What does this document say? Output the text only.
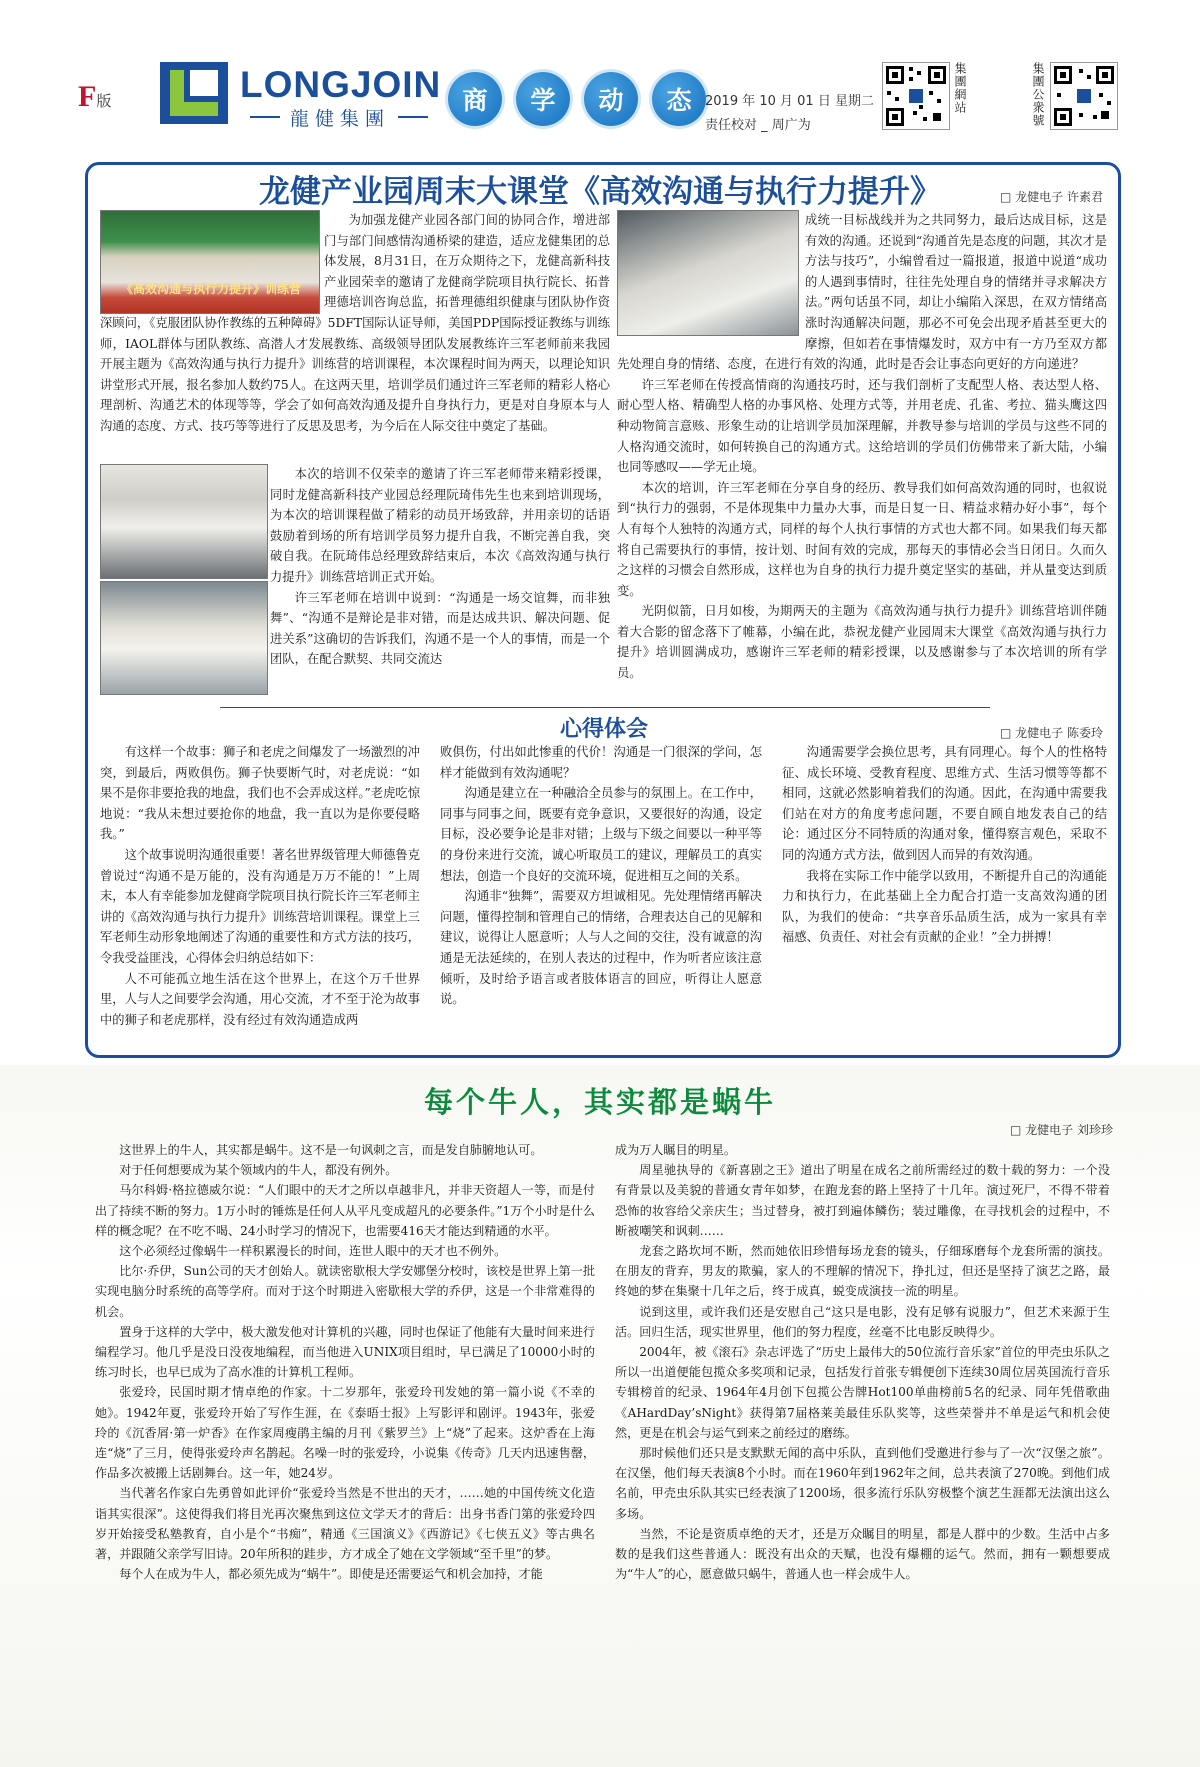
F版	LONGJOIN
龍健集團
商	学	动	态	2019 年 10 月 01 日 星期二
责任校对 _ 周广为
集團網站	集團公衆號
龙健产业园周末大课堂《高效沟通与执行力提升》	□ 龙健电子 许素君
《高效沟通与执行力提升》训练营

为加强龙健产业园各部门间的协同合作，增进部门与部门间感情沟通桥梁的建造，适应龙健集团的总体发展，8月31日，在万众期待之下，龙健高新科技产业园荣幸的邀请了龙健商学院项目执行院长、拓普理德培训咨询总监，拓普理德组织健康与团队协作资深顾问，《克服团队协作教练的五种障碍》5DFT国际认证导师，美国PDP国际授证教练与训练师，IAOL群体与团队教练、高潜人才发展教练、高级领导团队发展教练许三军老师前来我园开展主题为《高效沟通与执行力提升》训练营的培训课程，本次课程时间为两天，以理论知识讲堂形式开展，报名参加人数约75人。在这两天里，培训学员们通过许三军老师的精彩人格心理剖析、沟通艺术的体现等等，学会了如何高效沟通及提升自身执行力，更是对自身原本与人沟通的态度、方式、技巧等等进行了反思及思考，为今后在人际交往中奠定了基础。

本次的培训不仅荣幸的邀请了许三军老师带来精彩授课，同时龙健高新科技产业园总经理阮琦伟先生也来到培训现场，为本次的培训课程做了精彩的动员开场致辞，并用亲切的话语鼓励着到场的所有培训学员努力提升自我，不断完善自我，突破自我。在阮琦伟总经理致辞结束后，本次《高效沟通与执行力提升》训练营培训正式开始。

许三军老师在培训中说到：“沟通是一场交谊舞，而非独舞”、“沟通不是辩论是非对错，而是达成共识、解决问题、促进关系”这确切的告诉我们，沟通不是一个人的事情，而是一个团队，在配合默契、共同交流达

成统一目标战线并为之共同努力，最后达成目标，这是有效的沟通。还说到“沟通首先是态度的问题，其次才是方法与技巧”，小编曾看过一篇报道，报道中说道“成功的人遇到事情时，往往先处理自身的情绪并寻求解决方法。”两句话虽不同，却让小编陷入深思，在双方情绪高涨时沟通解决问题，那必不可免会出现矛盾甚至更大的摩擦，但如若在事情爆发时，双方中有一方乃至双方都先处理自身的情绪、态度，在进行有效的沟通，此时是否会让事态向更好的方向递进？

许三军老师在传授高情商的沟通技巧时，还与我们剖析了支配型人格、表达型人格、耐心型人格、精确型人格的办事风格、处理方式等，并用老虎、孔雀、考拉、猫头鹰这四种动物简言意赅、形象生动的让培训学员加深理解，并教导参与培训的学员与这些不同的人格沟通交流时，如何转换自己的沟通方式。这给培训的学员们仿佛带来了新大陆，小编也同等感叹——学无止境。

本次的培训，许三军老师在分享自身的经历、教导我们如何高效沟通的同时，也叙说到“执行力的强弱，不是体现集中力量办大事，而是日复一日、精益求精办好小事”，每个人有每个人独特的沟通方式，同样的每个人执行事情的方式也大都不同。如果我们每天都将自己需要执行的事情，按计划、时间有效的完成，那每天的事情必会当日闭日。久而久之这样的习惯会自然形成，这样也为自身的执行力提升奠定坚实的基础，并从量变达到质变。

光阴似箭，日月如梭，为期两天的主题为《高效沟通与执行力提升》训练营培训伴随着大合影的留念落下了帷幕，小编在此，恭祝龙健产业园周末大课堂《高效沟通与执行力提升》培训圆满成功，感谢许三军老师的精彩授课，以及感谢参与了本次培训的所有学员。

心得体会	□ 龙健电子 陈委玲

有这样一个故事：狮子和老虎之间爆发了一场激烈的冲突，到最后，两败俱伤。狮子快要断气时，对老虎说：“如果不是你非要抢我的地盘，我们也不会弄成这样。”老虎吃惊地说：“我从未想过要抢你的地盘，我一直以为是你要侵略我。”

这个故事说明沟通很重要！著名世界级管理大师德鲁克曾说过“沟通不是万能的，没有沟通是万万不能的！”上周末，本人有幸能参加龙健商学院项目执行院长许三军老师主讲的《高效沟通与执行力提升》训练营培训课程。课堂上三军老师生动形象地阐述了沟通的重要性和方式方法的技巧，令我受益匪浅，心得体会归纳总结如下：

人不可能孤立地生活在这个世界上，在这个万千世界里，人与人之间要学会沟通，用心交流，才不至于沦为故事中的狮子和老虎那样，没有经过有效沟通造成两

败俱伤，付出如此惨重的代价！沟通是一门很深的学问，怎样才能做到有效沟通呢？

沟通是建立在一种融洽全员参与的氛围上。在工作中，同事与同事之间，既要有竞争意识，又要很好的沟通，设定目标，没必要争论是非对错；上级与下级之间要以一种平等的身份来进行交流，诚心听取员工的建议，理解员工的真实想法，创造一个良好的交流环境，促进相互之间的关系。

沟通非“独舞”，需要双方坦诚相见。先处理情绪再解决问题，懂得控制和管理自己的情绪，合理表达自己的见解和建议，说得让人愿意听；人与人之间的交往，没有诚意的沟通是无法延续的，在别人表达的过程中，作为听者应该注意倾听，及时给予语言或者肢体语言的回应，听得让人愿意说。

沟通需要学会换位思考，具有同理心。每个人的性格特征、成长环境、受教育程度、思维方式、生活习惯等等都不相同，这就必然影响着我们的沟通。因此，在沟通中需要我们站在对方的角度考虑问题，不要自顾自地发表自己的结论：通过区分不同特质的沟通对象，懂得察言观色，采取不同的沟通方式方法，做到因人而异的有效沟通。

我将在实际工作中能学以致用，不断提升自己的沟通能力和执行力，在此基础上全力配合打造一支高效沟通的团队，为我们的使命：“共享音乐品质生活，成为一家具有幸福感、负责任、对社会有贡献的企业！”全力拼搏！

每个牛人，其实都是蜗牛
□ 龙健电子 刘珍珍

这世界上的牛人，其实都是蜗牛。这不是一句讽刺之言，而是发自肺腑地认可。

对于任何想要成为某个领域内的牛人，都没有例外。

马尔科姆·格拉德威尔说：“人们眼中的天才之所以卓越非凡，并非天资超人一等，而是付出了持续不断的努力。1万小时的锤炼是任何人从平凡变成超凡的必要条件。”1万个小时是什么样的概念呢？在不吃不喝、24小时学习的情况下，也需要416天才能达到精通的水平。

这个必须经过像蜗牛一样积累漫长的时间，连世人眼中的天才也不例外。

比尔·乔伊，Sun公司的天才创始人。就读密歇根大学安娜堡分校时，该校是世界上第一批实现电脑分时系统的高等学府。而对于这个时期进入密歇根大学的乔伊，这是一个非常难得的机会。

置身于这样的大学中，极大激发他对计算机的兴趣，同时也保证了他能有大量时间来进行编程学习。他几乎是没日没夜地编程，而当他进入UNIX项目组时，早已满足了10000小时的练习时长，也早已成为了高水准的计算机工程师。

张爱玲，民国时期才情卓绝的作家。十二岁那年，张爱玲刊发她的第一篇小说《不幸的她》。1942年夏，张爱玲开始了写作生涯，在《泰晤士报》上写影评和剧评。1943年，张爱玲的《沉香屑·第一炉香》在作家周瘦鹃主编的月刊《紫罗兰》上“烧”了起来。这炉香在上海连“烧”了三月，使得张爱玲声名鹊起。名噪一时的张爱玲，小说集《传奇》几天内迅速售罄，作品多次被搬上话剧舞台。这一年，她24岁。

当代著名作家白先勇曾如此评价“张爱玲当然是不世出的天才，……她的中国传统文化造诣其实很深”。这使得我们将目光再次聚焦到这位文学天才的背后：出身书香门第的张爱玲四岁开始接受私塾教育，自小是个“书痴”，精通《三国演义》《西游记》《七侠五义》等古典名著，并跟随父亲学写旧诗。20年所积的跬步，方才成全了她在文学领域“至千里”的梦。

每个人在成为牛人，都必须先成为“蜗牛”。即使是还需要运气和机会加持，才能

成为万人瞩目的明星。

周星驰执导的《新喜剧之王》道出了明星在成名之前所需经过的数十载的努力：一个没有背景以及美貌的普通女青年如梦，在跑龙套的路上坚持了十几年。演过死尸，不得不带着恐怖的妆容给父亲庆生；当过替身，被打到遍体鳞伤；装过雕像，在寻找机会的过程中，不断被嘲笑和讽刺……

龙套之路坎坷不断，然而她依旧珍惜每场龙套的镜头，仔细琢磨每个龙套所需的演技。在朋友的背弃，男友的欺骗，家人的不理解的情况下，挣扎过，但还是坚持了演艺之路，最终她的梦在集聚十几年之后，终于成真，蜕变成演技一流的明星。

说到这里，或许我们还是安慰自己“这只是电影，没有足够有说服力”，但艺术来源于生活。回归生活，现实世界里，他们的努力程度，丝毫不比电影反映得少。

2004年，被《滚石》杂志评选了“历史上最伟大的50位流行音乐家”首位的甲壳虫乐队之所以一出道便能包揽众多奖项和记录，包括发行首张专辑便创下连续30周位居英国流行音乐专辑榜首的纪录、1964年4月创下包揽公告牌Hot100单曲榜前5名的纪录、同年凭借歌曲《AHardDay’sNight》获得第7届格莱美最佳乐队奖等，这些荣誉并不单是运气和机会使然，更是在机会与运气到来之前经过的磨练。

那时候他们还只是支默默无闻的高中乐队，直到他们受邀进行参与了一次“汉堡之旅”。在汉堡，他们每天表演8个小时。而在1960年到1962年之间，总共表演了270晚。到他们成名前，甲壳虫乐队其实已经表演了1200场，很多流行乐队穷极整个演艺生涯都无法演出这么多场。

当然，不论是资质卓绝的天才，还是万众瞩目的明星，都是人群中的少数。生活中占多数的是我们这些普通人：既没有出众的天赋，也没有爆棚的运气。然而，拥有一颗想要成为“牛人”的心，愿意做只蜗牛，普通人也一样会成牛人。
